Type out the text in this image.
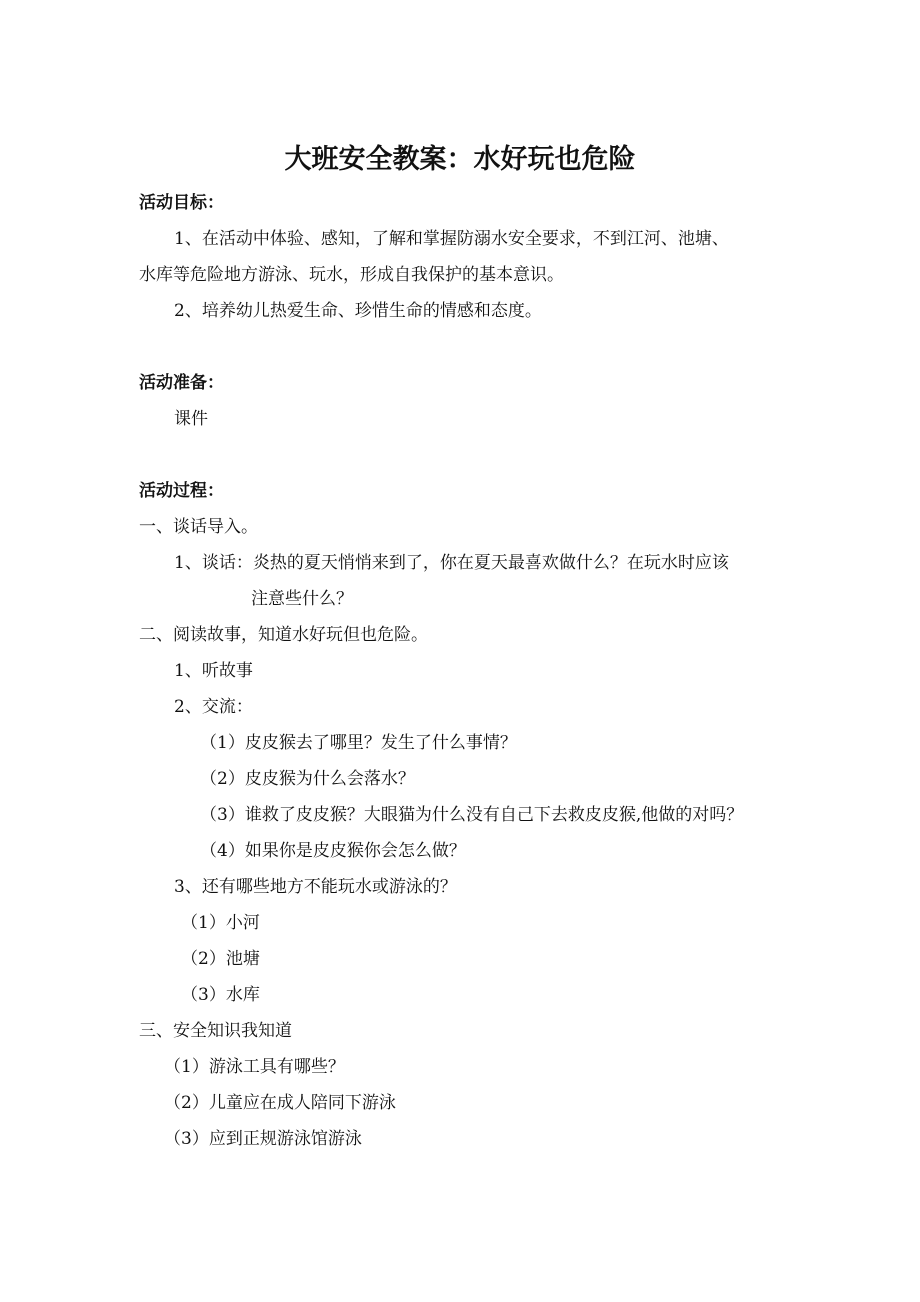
大班安全教案：水好玩也危险
活动目标：
1、在活动中体验、感知，了解和掌握防溺水安全要求，不到江河、池塘、
水库等危险地方游泳、玩水，形成自我保护的基本意识。
2、培养幼儿热爱生命、珍惜生命的情感和态度。
活动准备：
课件
活动过程：
一、谈话导入。
1、谈话：炎热的夏天悄悄来到了，你在夏天最喜欢做什么？在玩水时应该
注意些什么？
二、阅读故事，知道水好玩但也危险。
1、听故事
2、交流：
（1）皮皮猴去了哪里？发生了什么事情？
（2）皮皮猴为什么会落水？
（3）谁救了皮皮猴？大眼猫为什么没有自己下去救皮皮猴,他做的对吗？
（4）如果你是皮皮猴你会怎么做？
3、还有哪些地方不能玩水或游泳的？
（1）小河
（2）池塘
（3）水库
三、安全知识我知道
（1）游泳工具有哪些？
（2）儿童应在成人陪同下游泳
（3）应到正规游泳馆游泳
